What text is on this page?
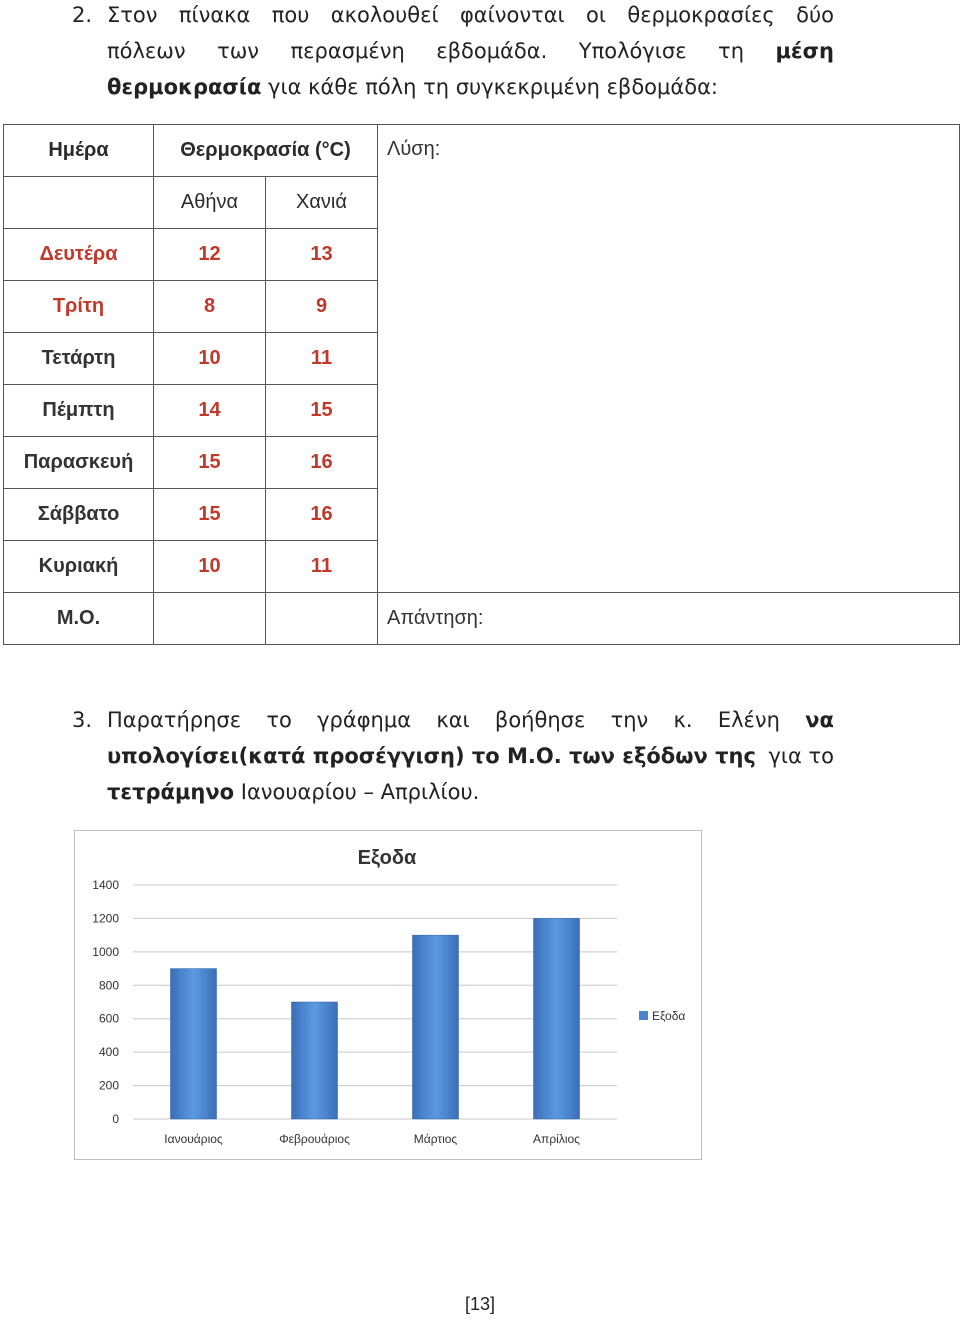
2. Στον πίνακα που ακολουθεί φαίνονται οι θερμοκρασίες δύο
πόλεων των περασμένη εβδομάδα. Υπολόγισε τη μέση
θερμοκρασία για κάθε πόλη τη συγκεκριμένη εβδομάδα:
Ημέρα	Θερμοκρασία (°C)		Λύση:
	Αθήνα	Χανιά	
Δευτέρα	12	13	
Τρίτη	8	9	
Τετάρτη	10	11	
Πέμπτη	14	15	
Παρασκευή	15	16	
Σάββατο	15	16	
Κυριακή	10	11	
Μ.Ο.			Απάντηση:
3. Παρατήρησε το γράφημα και βοήθησε την κ. Ελένη να
υπολογίσει(κατά προσέγγιση) το Μ.Ο. των εξόδων της για το
τετράμηνο Ιανουαρίου – Απριλίου.
Εξοδα
0
200
400
600
800
1000
1200
1400
Ιανουάριος	Φεβρουάριος	Μάρτιος	Απρίλιος
Εξοδα
[13]
